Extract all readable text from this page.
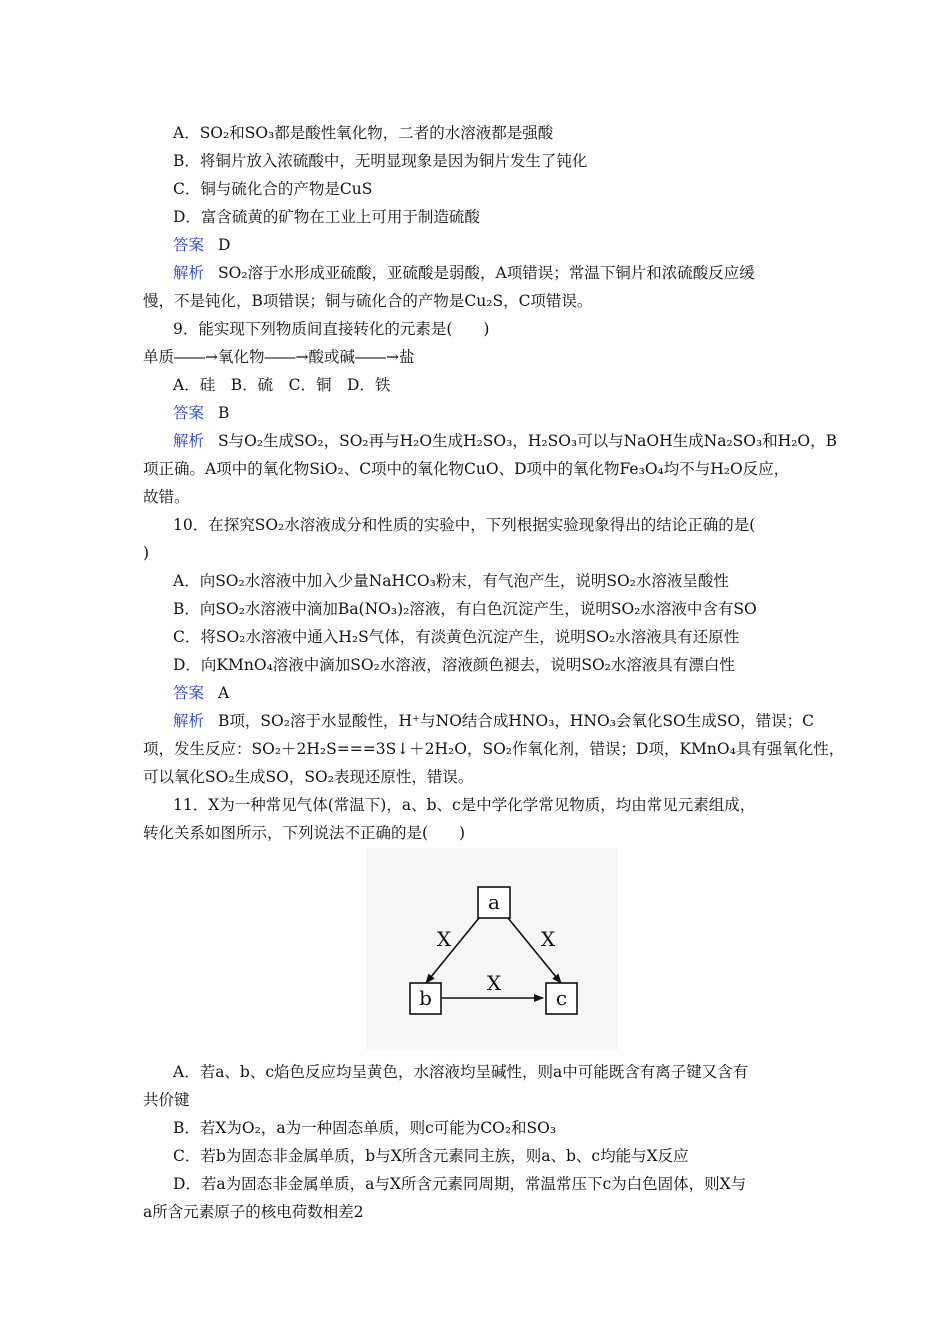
A．SO₂和SO₃都是酸性氧化物，二者的水溶液都是强酸
B．将铜片放入浓硫酸中，无明显现象是因为铜片发生了钝化
C．铜与硫化合的产物是CuS
D．富含硫黄的矿物在工业上可用于制造硫酸
答案 D
解析 SO₂溶于水形成亚硫酸，亚硫酸是弱酸，A项错误；常温下铜片和浓硫酸反应缓
慢，不是钝化，B项错误；铜与硫化合的产物是Cu₂S，C项错误。
9．能实现下列物质间直接转化的元素是(　　)
单质――→氧化物――→酸或碱――→盐
A．硅　B．硫　C．铜　D．铁
答案 B
解析 S与O₂生成SO₂，SO₂再与H₂O生成H₂SO₃，H₂SO₃可以与NaOH生成Na₂SO₃和H₂O，B
项正确。A项中的氧化物SiO₂、C项中的氧化物CuO、D项中的氧化物Fe₃O₄均不与H₂O反应，
故错。
10．在探究SO₂水溶液成分和性质的实验中，下列根据实验现象得出的结论正确的是(
)
A．向SO₂水溶液中加入少量NaHCO₃粉末，有气泡产生，说明SO₂水溶液呈酸性
B．向SO₂水溶液中滴加Ba(NO₃)₂溶液，有白色沉淀产生，说明SO₂水溶液中含有SO
C．将SO₂水溶液中通入H₂S气体，有淡黄色沉淀产生，说明SO₂水溶液具有还原性
D．向KMnO₄溶液中滴加SO₂水溶液，溶液颜色褪去，说明SO₂水溶液具有漂白性
答案 A
解析 B项，SO₂溶于水显酸性，H⁺与NO结合成HNO₃，HNO₃会氧化SO生成SO，错误；C
项，发生反应：SO₂＋2H₂S===3S↓＋2H₂O，SO₂作氧化剂，错误；D项，KMnO₄具有强氧化性，
可以氧化SO₂生成SO，SO₂表现还原性，错误。
11．X为一种常见气体(常温下)，a、b、c是中学化学常见物质，均由常见元素组成，
转化关系如图所示，下列说法不正确的是(　　)
X	X
X
a
b	c
A．若a、b、c焰色反应均呈黄色，水溶液均呈碱性，则a中可能既含有离子键又含有
共价键
B．若X为O₂，a为一种固态单质，则c可能为CO₂和SO₃
C．若b为固态非金属单质，b与X所含元素同主族，则a、b、c均能与X反应
D．若a为固态非金属单质，a与X所含元素同周期，常温常压下c为白色固体，则X与
a所含元素原子的核电荷数相差2
